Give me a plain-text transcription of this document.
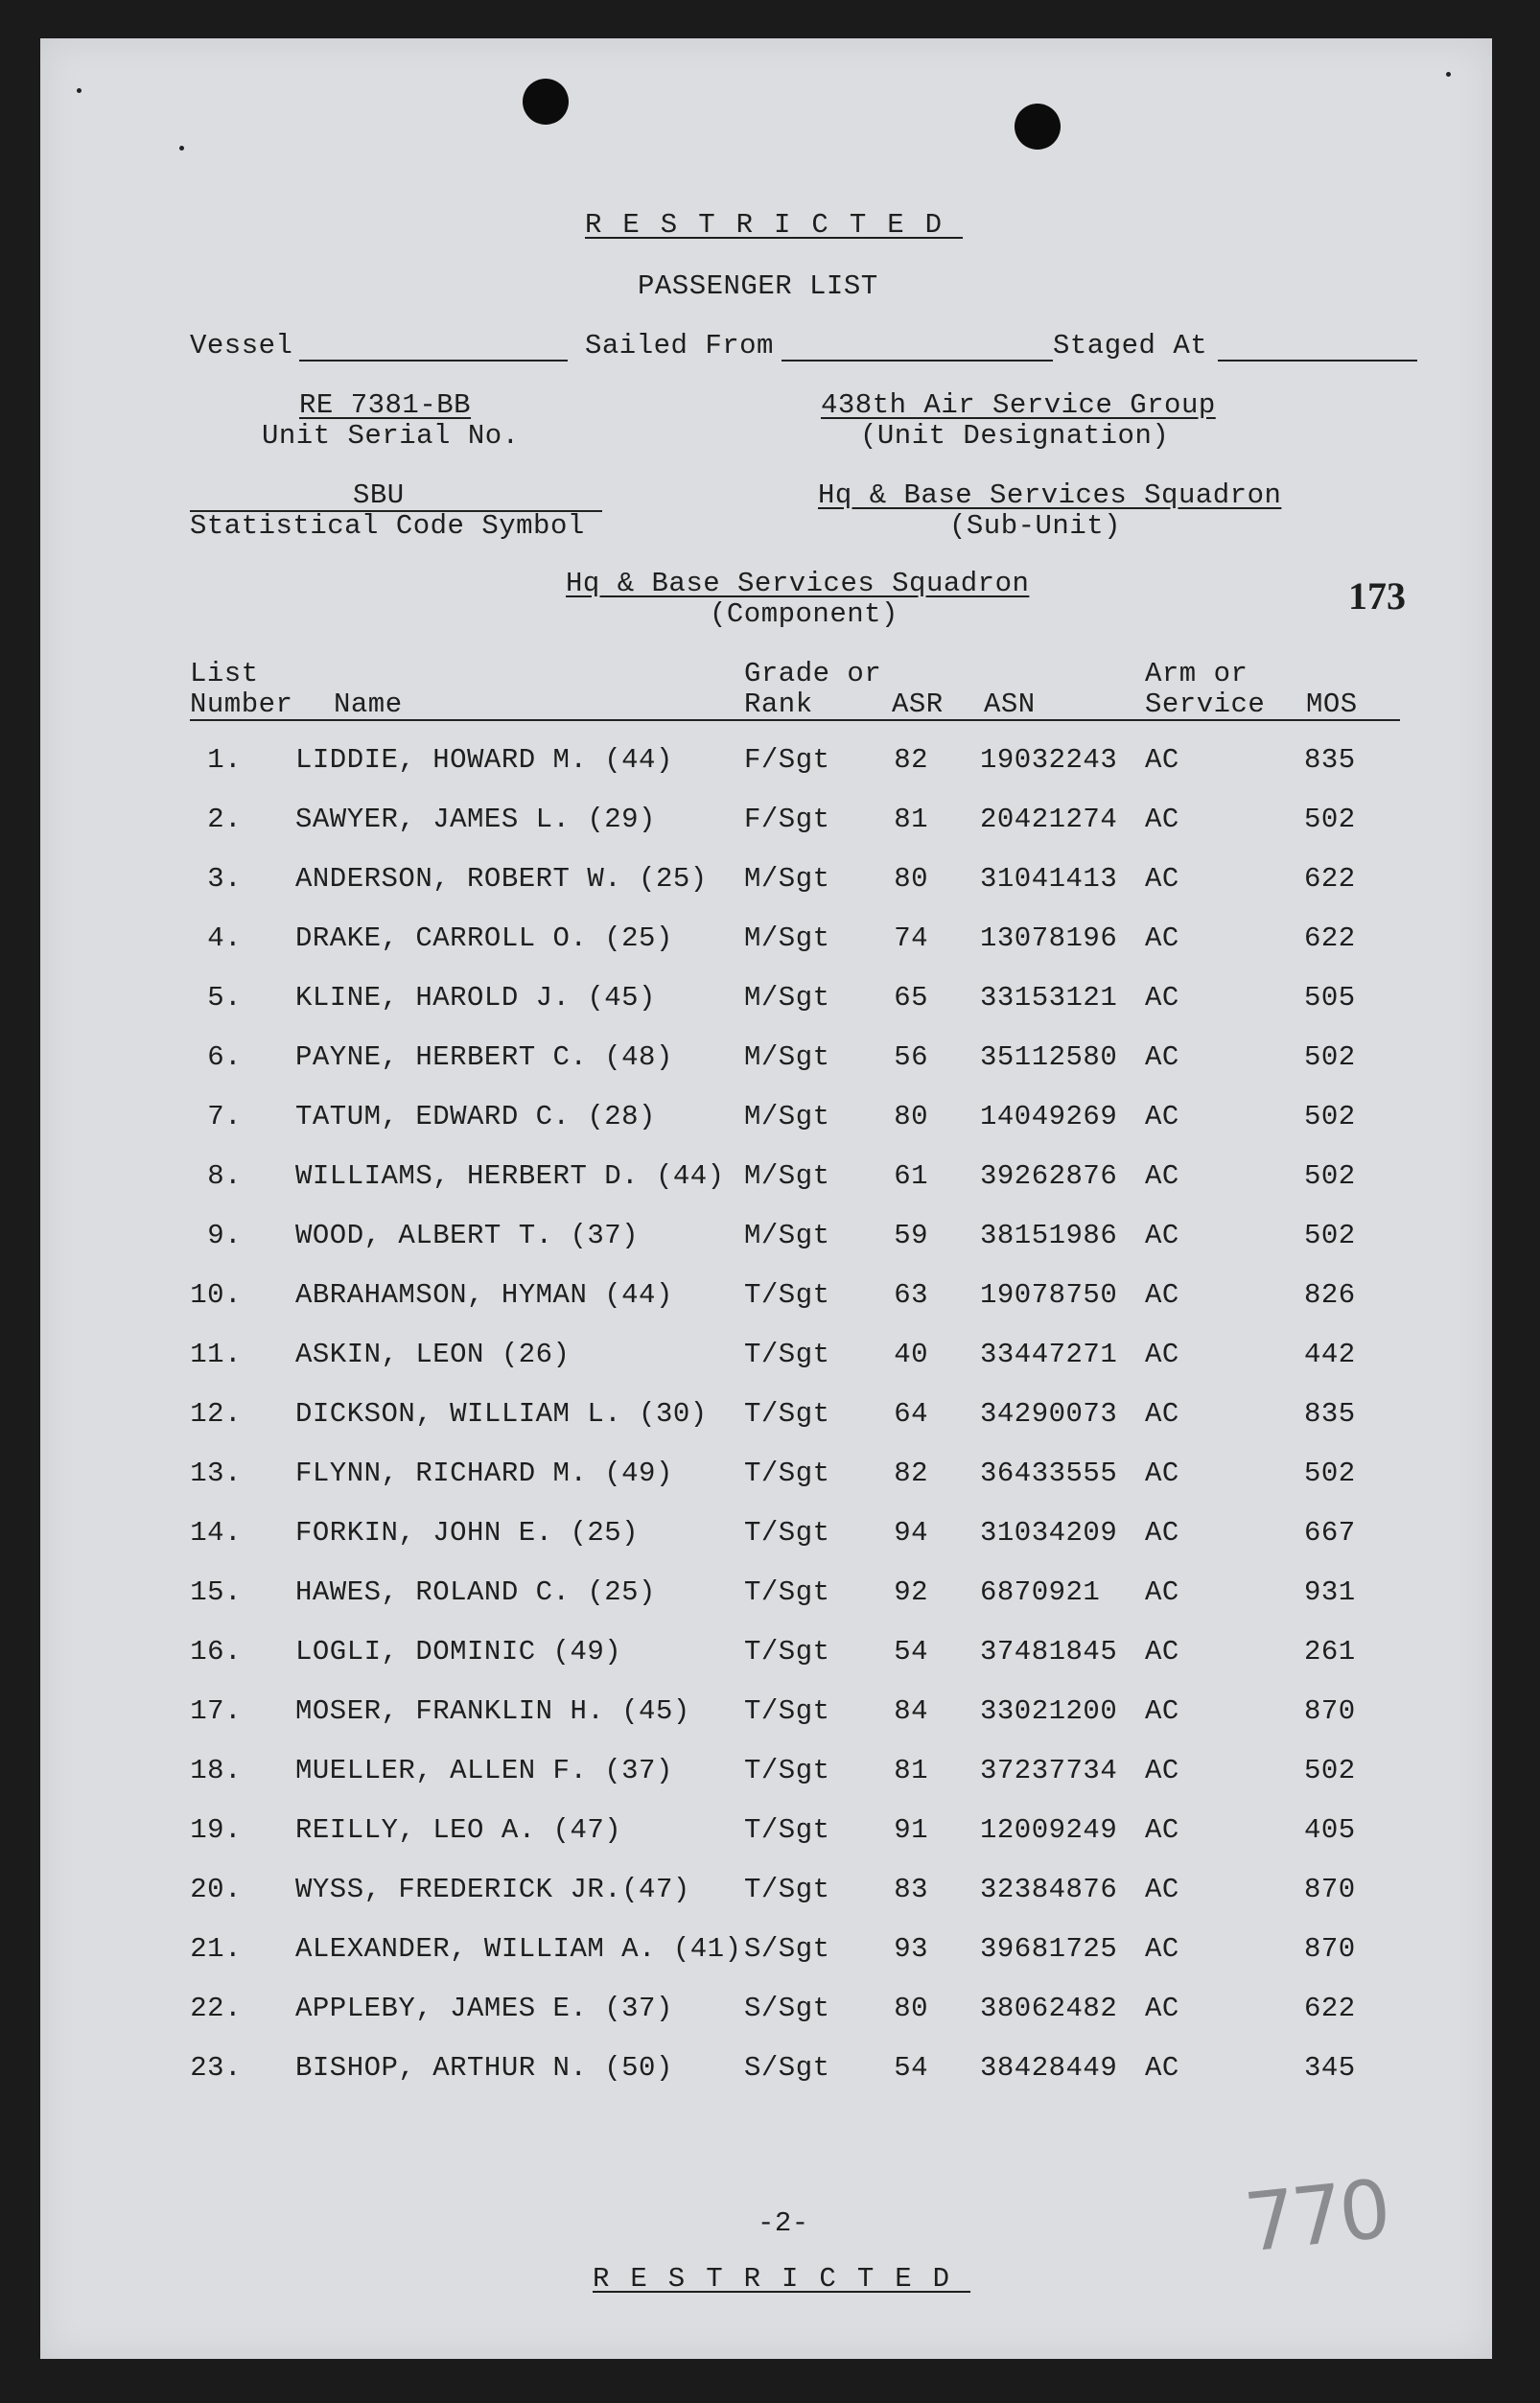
RESTRICTED
PASSENGER LIST
Vessel	Sailed From	Staged At
RE 7381-BB
Unit Serial No.
438th Air Service Group
(Unit Designation)
SBU
Statistical Code Symbol
Hq & Base Services Squadron
(Sub-Unit)
Hq & Base Services Squadron
(Component)	173
List
Number Name
Grade or
Rank	ASR ASN
Arm or
Service MOS
1. LIDDIE, HOWARD M. (44)	F/Sgt 82 19032243 AC	835
2. SAWYER, JAMES L. (29)	F/Sgt 81 20421274 AC	502
3. ANDERSON, ROBERT W. (25) M/Sgt 80 31041413 AC	622
4. DRAKE, CARROLL O. (25)	M/Sgt 74 13078196 AC	622
5. KLINE, HAROLD J. (45)	M/Sgt 65 33153121 AC	505
6. PAYNE, HERBERT C. (48)	M/Sgt 56 35112580 AC	502
7. TATUM, EDWARD C. (28)	M/Sgt 80 14049269 AC	502
8. WILLIAMS, HERBERT D. (44) M/Sgt 61 39262876 AC	502
9. WOOD, ALBERT T. (37)	M/Sgt 59 38151986 AC	502
10. ABRAHAMSON, HYMAN (44)	T/Sgt 63 19078750 AC	826
11. ASKIN, LEON (26)	T/Sgt 40 33447271 AC	442
12. DICKSON, WILLIAM L. (30) T/Sgt 64 34290073 AC	835
13. FLYNN, RICHARD M. (49)	T/Sgt 82 36433555 AC	502
14. FORKIN, JOHN E. (25)	T/Sgt 94 31034209 AC	667
15. HAWES, ROLAND C. (25)	T/Sgt 92 6870921 AC	931
16. LOGLI, DOMINIC (49)	T/Sgt 54 37481845 AC	261
17. MOSER, FRANKLIN H. (45) T/Sgt 84 33021200 AC	870
18. MUELLER, ALLEN F. (37)	T/Sgt 81 37237734 AC	502
19. REILLY, LEO A. (47)	T/Sgt 91 12009249 AC	405
20. WYSS, FREDERICK JR.(47) T/Sgt 83 32384876 AC	870
21. ALEXANDER, WILLIAM A. (41) S/Sgt 93 39681725 AC	870
22. APPLEBY, JAMES E. (37)	S/Sgt 80 38062482 AC	622
23. BISHOP, ARTHUR N. (50)	S/Sgt 54 38428449 AC	345
-2-
RESTRICTED
770
